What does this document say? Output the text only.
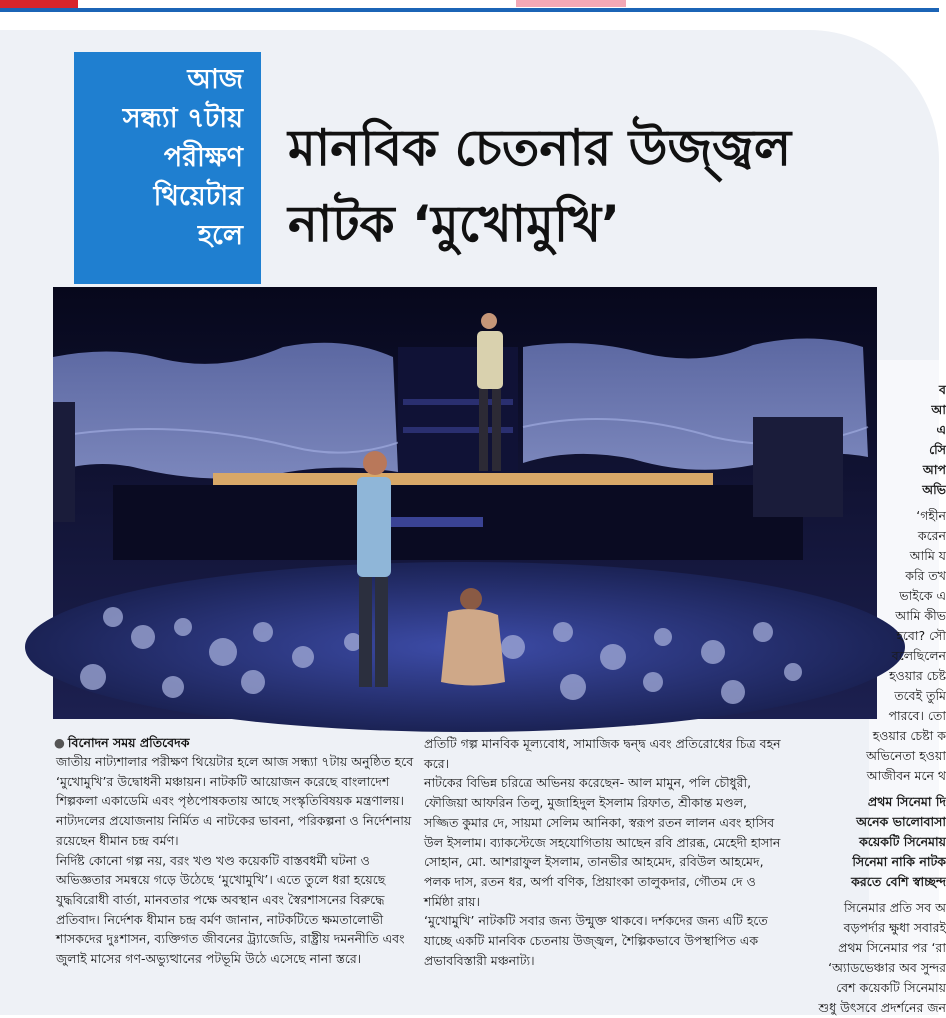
আজ
সন্ধ্যা ৭টায়
পরীক্ষণ
থিয়েটার
হলে
মানবিক চেতনার উজ্জ্বল
নাটক ‘মুখোমুখি’
● বিনোদন সময় প্রতিবেদক

জাতীয় নাট্যশালার পরীক্ষণ থিয়েটার হলে আজ সন্ধ্যা ৭টায় অনুষ্ঠিত হবে ‘মুখোমুখি’র উদ্বোধনী মঞ্চায়ন। নাটকটি আয়োজন করেছে বাংলাদেশ শিল্পকলা একাডেমি এবং পৃষ্ঠপোষকতায় আছে সংস্কৃতিবিষয়ক মন্ত্রণালয়। নাট্যদলের প্রযোজনায় নির্মিত এ নাটকের ভাবনা, পরিকল্পনা ও নির্দেশনায় রয়েছেন ধীমান চন্দ্র বর্মণ।

নির্দিষ্ট কোনো গল্প নয়, বরং খণ্ড খণ্ড কয়েকটি বাস্তবধর্মী ঘটনা ও অভিজ্ঞতার সমন্বয়ে গড়ে উঠেছে ‘মুখোমুখি’। এতে তুলে ধরা হয়েছে যুদ্ধবিরোধী বার্তা, মানবতার পক্ষে অবস্থান এবং স্বৈরশাসনের বিরুদ্ধে প্রতিবাদ। নির্দেশক ধীমান চন্দ্র বর্মণ জানান, নাটকটিতে ক্ষমতালোভী শাসকদের দুঃশাসন, ব্যক্তিগত জীবনের ট্র্যাজেডি, রাষ্ট্রীয় দমননীতি এবং জুলাই মাসের গণ-অভ্যুত্থানের পটভূমি উঠে এসেছে নানা স্তরে।

প্রতিটি গল্প মানবিক মূল্যবোধ, সামাজিক দ্বন্দ্ব এবং প্রতিরোধের চিত্র বহন করে।

নাটকের বিভিন্ন চরিত্রে অভিনয় করেছেন- আল মামুন, পলি চৌধুরী, ফৌজিয়া আফরিন তিলু, মুজাহিদুল ইসলাম রিফাত, শ্রীকান্ত মণ্ডল, সজ্জিত কুমার দে, সায়মা সেলিম আনিকা, স্বরূপ রতন লালন এবং হাসিব উল ইসলাম। ব্যাকস্টেজে সহযোগিতায় আছেন রবি প্রারব্ধ, মেহেদী হাসান সোহান, মো. আশরাফুল ইসলাম, তানভীর আহমেদ, রবিউল আহমেদ, পলক দাস, রতন ধর, অর্পা বণিক, প্রিয়াংকা তালুকদার, গৌতম দে ও শর্মিষ্ঠা রায়।

‘মুখোমুখি’ নাটকটি সবার জন্য উন্মুক্ত থাকবে। দর্শকদের জন্য এটি হতে যাচ্ছে একটি মানবিক চেতনায় উজ্জ্বল, শৈল্পিকভাবে উপস্থাপিত এক প্রভাববিস্তারী মঞ্চনাট্য।

ব

আ

এ

সিে

আপ

অভি

‘গহীন

করেন

আমি য

করি তখ

ভাইকে এ

আমি কীভ

হবো? সৌ

বলেছিলেন

হওয়ার চেষ্ট

তবেই তুমি

পারবে। তো

হওয়ার চেষ্টা ক

অভিনেতা হওয়া

আজীবন মনে থ

প্রথম সিনেমা দি

অনেক ভালোবাসা

কয়েকটি সিনেমায়

সিনেমা নাকি নাটক

করতে বেশি স্বাচ্ছন্দ

সিনেমার প্রতি সব অ

বড়পর্দার ক্ষুধা সবারই

প্রথম সিনেমার পর ‘রা

‘অ্যাডভেঞ্চার অব সুন্দর

বেশ কয়েকটি সিনেমায়

শুধু উৎসবে প্রদর্শনের জন
